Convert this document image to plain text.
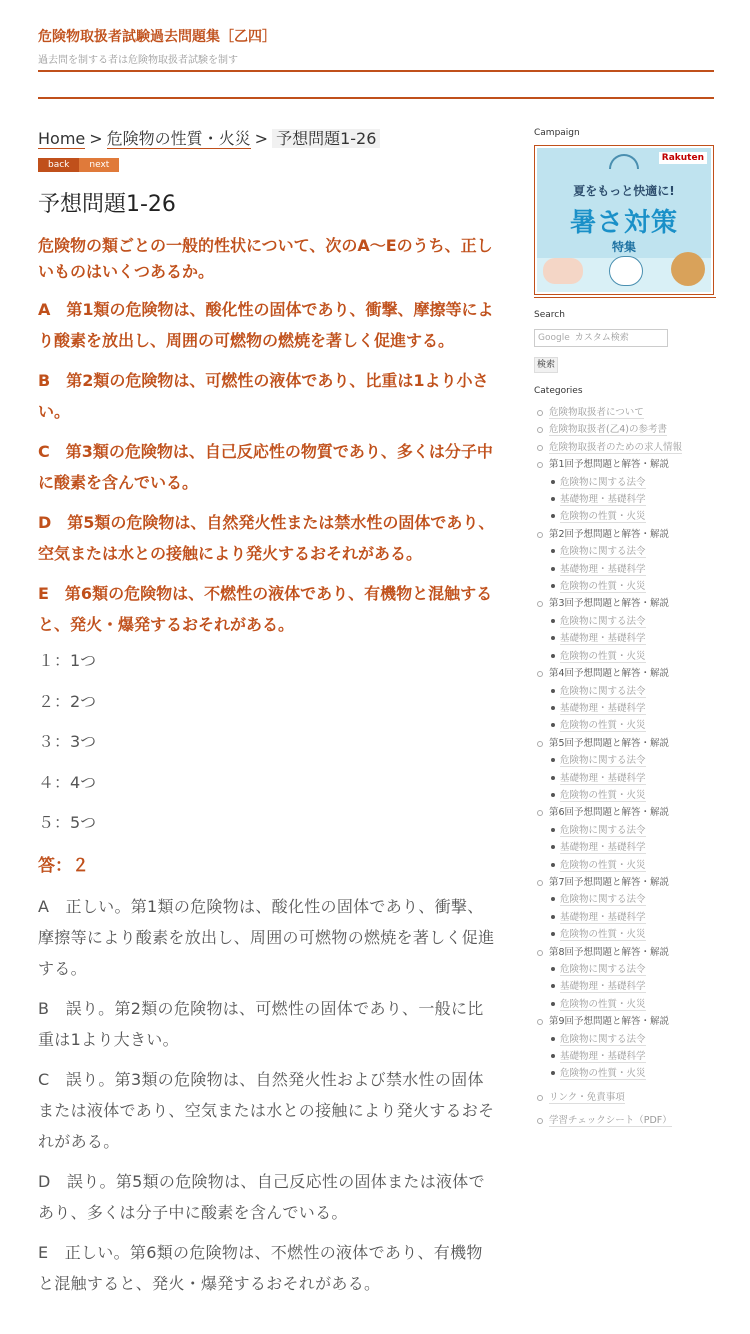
危険物取扱者試験過去問題集［乙四］
過去問を制する者は危険物取扱者試験を制す
Home > 危険物の性質・火災 > 予想問題1-26
back	next
予想問題1-26

危険物の類ごとの一般的性状について、次のA～Eのうち、正しいものはいくつあるか。

A　第1類の危険物は、酸化性の固体であり、衝撃、摩擦等により酸素を放出し、周囲の可燃物の燃焼を著しく促進する。

B　第2類の危険物は、可燃性の液体であり、比重は1より小さい。

C　第3類の危険物は、自己反応性の物質であり、多くは分子中に酸素を含んでいる。

D　第5類の危険物は、自然発火性または禁水性の固体であり、空気または水との接触により発火するおそれがある。

E　第6類の危険物は、不燃性の液体であり、有機物と混触すると、発火・爆発するおそれがある。

１：1つ

２：2つ

３：3つ

４：4つ

５：5つ

答：２

A　正しい。第1類の危険物は、酸化性の固体であり、衝撃、摩擦等により酸素を放出し、周囲の可燃物の燃焼を著しく促進する。

B　誤り。第2類の危険物は、可燃性の固体であり、一般に比重は1より大きい。

C　誤り。第3類の危険物は、自然発火性および禁水性の固体または液体であり、空気または水との接触により発火するおそれがある。

D　誤り。第5類の危険物は、自己反応性の固体または液体であり、多くは分子中に酸素を含んでいる。

E　正しい。第6類の危険物は、不燃性の液体であり、有機物と混触すると、発火・爆発するおそれがある。

Campaign
Rakuten
夏をもっと快適に!
暑さ対策
特集
Search
Google カスタム検索
検索
Categories
危険物取扱者について
危険物取扱者(乙4)の参考書
危険物取扱者のための求人情報
第1回予想問題と解答・解説
危険物に関する法令
基礎物理・基礎科学
危険物の性質・火災
第2回予想問題と解答・解説
危険物に関する法令
基礎物理・基礎科学
危険物の性質・火災
第3回予想問題と解答・解説
危険物に関する法令
基礎物理・基礎科学
危険物の性質・火災
第4回予想問題と解答・解説
危険物に関する法令
基礎物理・基礎科学
危険物の性質・火災
第5回予想問題と解答・解説
危険物に関する法令
基礎物理・基礎科学
危険物の性質・火災
第6回予想問題と解答・解説
危険物に関する法令
基礎物理・基礎科学
危険物の性質・火災
第7回予想問題と解答・解説
危険物に関する法令
基礎物理・基礎科学
危険物の性質・火災
第8回予想問題と解答・解説
危険物に関する法令
基礎物理・基礎科学
危険物の性質・火災
第9回予想問題と解答・解説
危険物に関する法令
基礎物理・基礎科学
危険物の性質・火災
リンク・免責事項
学習チェックシート（PDF）
